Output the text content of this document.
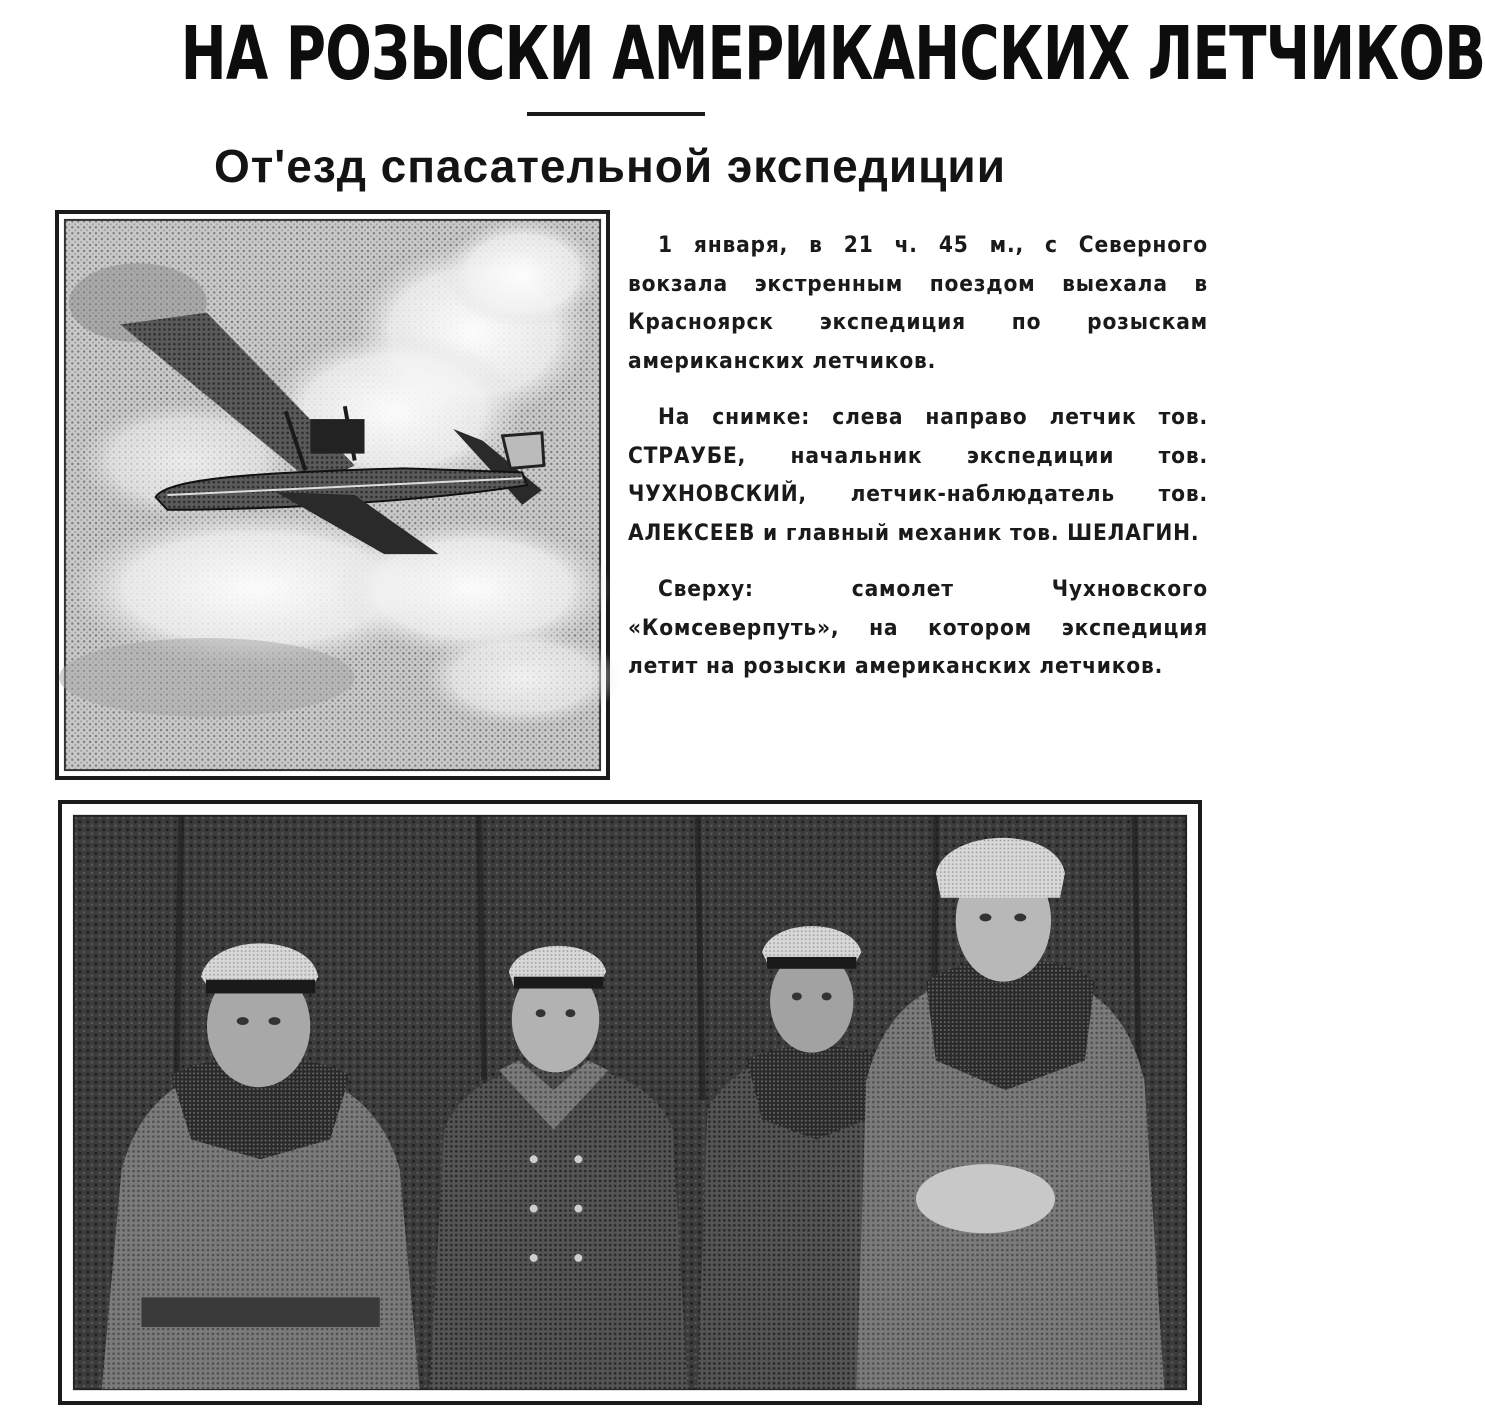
НА РОЗЫСКИ АМЕРИКАНСКИХ ЛЕТЧИКОВ
От'езд спасательной экспедиции

1 января, в 21 ч. 45 м., с Северного вокзала экстренным поездом выехала в Красноярск экспедиция по розыскам американских летчиков.

На снимке: слева направо летчик тов. СТРАУБЕ, начальник экспедиции тов. ЧУХНОВСКИЙ, летчик-наблюдатель тов. АЛЕКСЕЕВ и главный механик тов. ШЕЛАГИН.

Сверху: самолет Чухновского «Комсеверпуть», на котором экспедиция летит на розыски американских летчиков.
